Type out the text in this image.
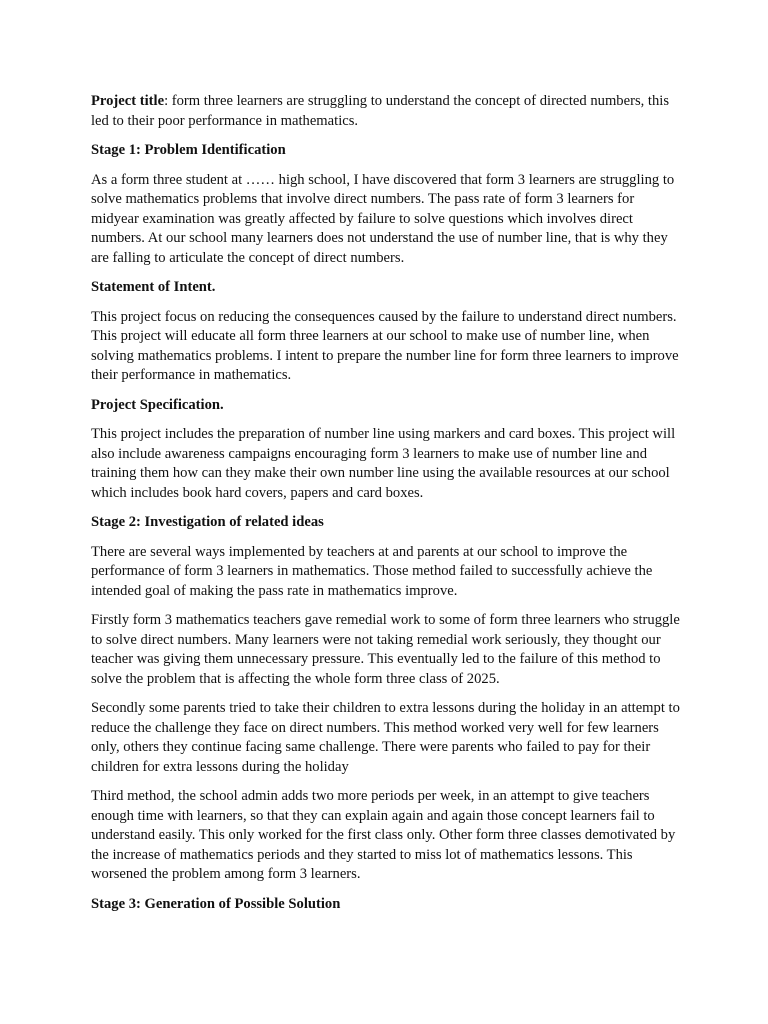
Project title: form three learners are struggling to understand the concept of directed numbers, this led to their poor performance in mathematics.

Stage 1: Problem Identification

As a form three student at …… high school, I have discovered that form 3 learners are struggling to solve mathematics problems that involve direct numbers. The pass rate of form 3 learners for midyear examination was greatly affected by failure to solve questions which involves direct numbers. At our school many learners does not understand the use of number line, that is why they are falling to articulate the concept of direct numbers.

Statement of Intent.

This project focus on reducing the consequences caused by the failure to understand direct numbers. This project will educate all form three learners at our school to make use of number line, when solving mathematics problems. I intent to prepare the number line for form three learners to improve their performance in mathematics.

Project Specification.

This project includes the preparation of number line using markers and card boxes. This project will also include awareness campaigns encouraging form 3 learners to make use of number line and training them how can they make their own number line using the available resources at our school which includes book hard covers, papers and card boxes.

Stage 2: Investigation of related ideas

There are several ways implemented by teachers at and parents at our school to improve the performance of form 3 learners in mathematics. Those method failed to successfully achieve the intended goal of making the pass rate in mathematics improve.

Firstly form 3 mathematics teachers gave remedial work to some of form three learners who struggle to solve direct numbers. Many learners were not taking remedial work seriously, they thought our teacher was giving them unnecessary pressure. This eventually led to the failure of this method to solve the problem that is affecting the whole form three class of 2025.

Secondly some parents tried to take their children to extra lessons during the holiday in an attempt to reduce the challenge they face on direct numbers. This method worked very well for few learners only, others they continue facing same challenge. There were parents who failed to pay for their children for extra lessons during the holiday

Third method, the school admin adds two more periods per week, in an attempt to give teachers enough time with learners, so that they can explain again and again those concept learners fail to understand easily. This only worked for the first class only. Other form three classes demotivated by the increase of mathematics periods and they started to miss lot of mathematics lessons. This worsened the problem among form 3 learners.

Stage 3: Generation of Possible Solution
